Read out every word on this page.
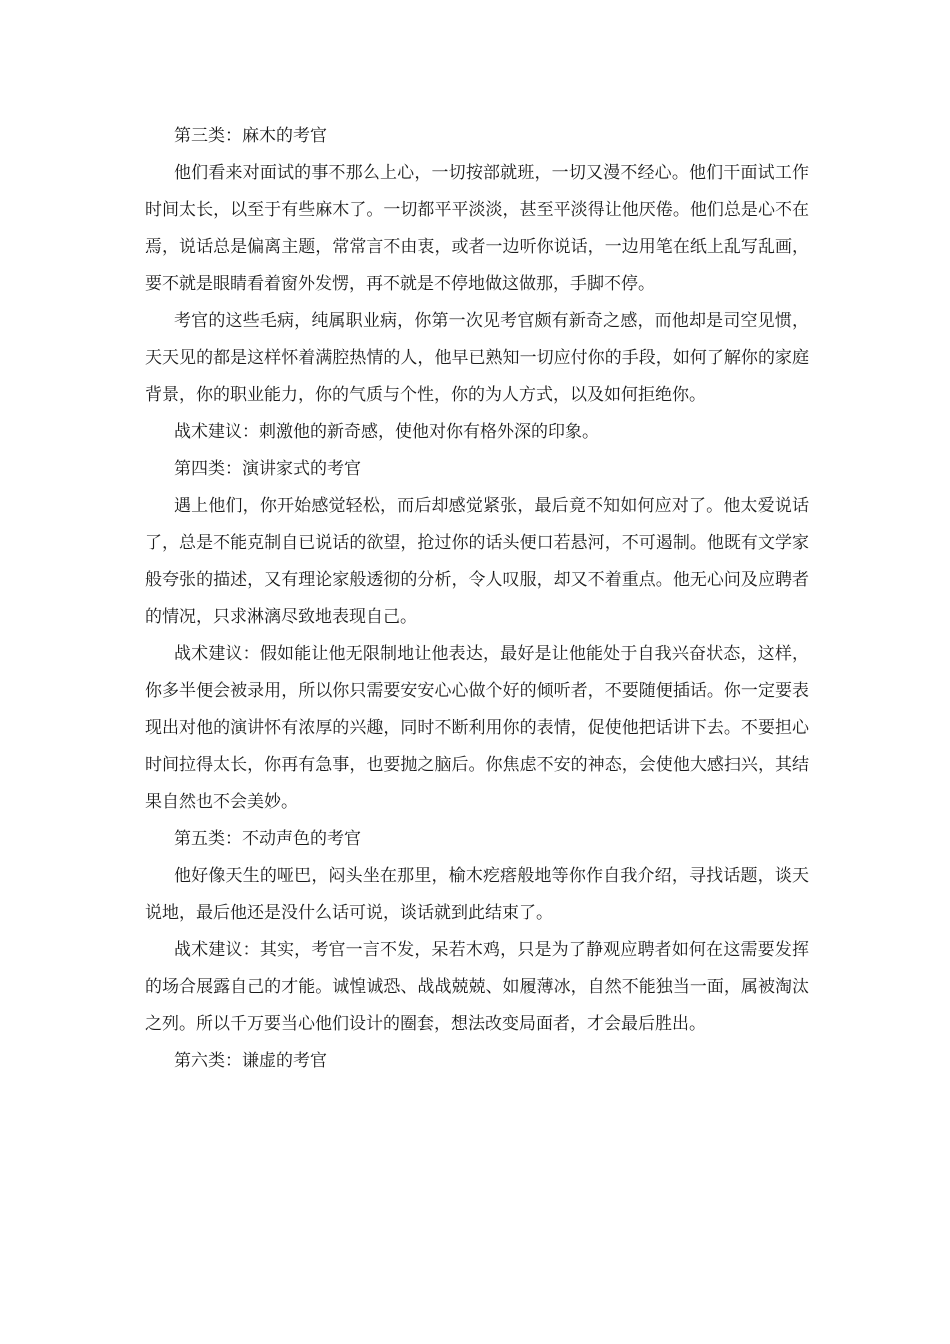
第三类：麻木的考官

他们看来对面试的事不那么上心，一切按部就班，一切又漫不经心。他们干面试工作时间太长，以至于有些麻木了。一切都平平淡淡，甚至平淡得让他厌倦。他们总是心不在焉，说话总是偏离主题，常常言不由衷，或者一边听你说话，一边用笔在纸上乱写乱画，要不就是眼睛看着窗外发愣，再不就是不停地做这做那，手脚不停。

考官的这些毛病，纯属职业病，你第一次见考官颇有新奇之感，而他却是司空见惯，天天见的都是这样怀着满腔热情的人，他早已熟知一切应付你的手段，如何了解你的家庭背景，你的职业能力，你的气质与个性，你的为人方式，以及如何拒绝你。

战术建议：刺激他的新奇感，使他对你有格外深的印象。

第四类：演讲家式的考官

遇上他们，你开始感觉轻松，而后却感觉紧张，最后竟不知如何应对了。他太爱说话了，总是不能克制自已说话的欲望，抢过你的话头便口若悬河，不可遏制。他既有文学家般夸张的描述，又有理论家般透彻的分析，令人叹服，却又不着重点。他无心问及应聘者的情况，只求淋漓尽致地表现自己。

战术建议：假如能让他无限制地让他表达，最好是让他能处于自我兴奋状态，这样，你多半便会被录用，所以你只需要安安心心做个好的倾听者，不要随便插话。你一定要表现出对他的演讲怀有浓厚的兴趣，同时不断利用你的表情，促使他把话讲下去。不要担心时间拉得太长，你再有急事，也要抛之脑后。你焦虑不安的神态，会使他大感扫兴，其结果自然也不会美妙。

第五类：不动声色的考官

他好像天生的哑巴，闷头坐在那里，榆木疙瘩般地等你作自我介绍，寻找话题，谈天说地，最后他还是没什么话可说，谈话就到此结束了。

战术建议：其实，考官一言不发，呆若木鸡，只是为了静观应聘者如何在这需要发挥的场合展露自己的才能。诚惶诚恐、战战兢兢、如履薄冰，自然不能独当一面，属被淘汰之列。所以千万要当心他们设计的圈套，想法改变局面者，才会最后胜出。

第六类：谦虚的考官
